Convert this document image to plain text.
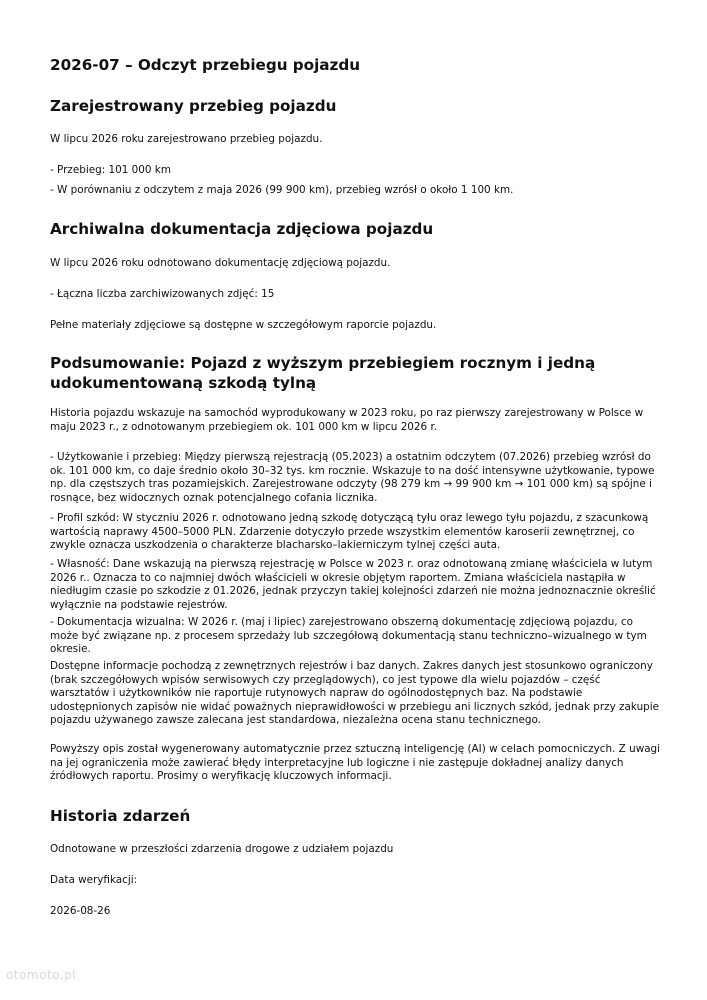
2026-07 – Odczyt przebiegu pojazdu
Zarejestrowany przebieg pojazdu

W lipcu 2026 roku zarejestrowano przebieg pojazdu.

- Przebieg: 101 000 km

- W porównaniu z odczytem z maja 2026 (99 900 km), przebieg wzrósł o około 1 100 km.

Archiwalna dokumentacja zdjęciowa pojazdu

W lipcu 2026 roku odnotowano dokumentację zdjęciową pojazdu.

- Łączna liczba zarchiwizowanych zdjęć: 15

Pełne materiały zdjęciowe są dostępne w szczegółowym raporcie pojazdu.

Podsumowanie: Pojazd z wyższym przebiegiem rocznym i jedną udokumentowaną szkodą tylną

Historia pojazdu wskazuje na samochód wyprodukowany w 2023 roku, po raz pierwszy zarejestrowany w Polsce w maju 2023 r., z odnotowanym przebiegiem ok. 101 000 km w lipcu 2026 r.

- Użytkowanie i przebieg: Między pierwszą rejestracją (05.2023) a ostatnim odczytem (07.2026) przebieg wzrósł do ok. 101 000 km, co daje średnio około 30–32 tys. km rocznie. Wskazuje to na dość intensywne użytkowanie, typowe np. dla częstszych tras pozamiejskich. Zarejestrowane odczyty (98 279 km → 99 900 km → 101 000 km) są spójne i rosnące, bez widocznych oznak potencjalnego cofania licznika.

- Profil szkód: W styczniu 2026 r. odnotowano jedną szkodę dotyczącą tyłu oraz lewego tyłu pojazdu, z szacunkową wartością naprawy 4500–5000 PLN. Zdarzenie dotyczyło przede wszystkim elementów karoserii zewnętrznej, co zwykle oznacza uszkodzenia o charakterze blacharsko–lakierniczym tylnej części auta.

- Własność: Dane wskazują na pierwszą rejestrację w Polsce w 2023 r. oraz odnotowaną zmianę właściciela w lutym 2026 r.. Oznacza to co najmniej dwóch właścicieli w okresie objętym raportem. Zmiana właściciela nastąpiła w niedługim czasie po szkodzie z 01.2026, jednak przyczyn takiej kolejności zdarzeń nie można jednoznacznie określić wyłącznie na podstawie rejestrów.

- Dokumentacja wizualna: W 2026 r. (maj i lipiec) zarejestrowano obszerną dokumentację zdjęciową pojazdu, co może być związane np. z procesem sprzedaży lub szczegółową dokumentacją stanu techniczno–wizualnego w tym okresie.

Dostępne informacje pochodzą z zewnętrznych rejestrów i baz danych. Zakres danych jest stosunkowo ograniczony (brak szczegółowych wpisów serwisowych czy przeglądowych), co jest typowe dla wielu pojazdów – część warsztatów i użytkowników nie raportuje rutynowych napraw do ogólnodostępnych baz. Na podstawie udostępnionych zapisów nie widać poważnych nieprawidłowości w przebiegu ani licznych szkód, jednak przy zakupie pojazdu używanego zawsze zalecana jest standardowa, niezależna ocena stanu technicznego.

Powyższy opis został wygenerowany automatycznie przez sztuczną inteligencję (AI) w celach pomocniczych. Z uwagi na jej ograniczenia może zawierać błędy interpretacyjne lub logiczne i nie zastępuje dokładnej analizy danych źródłowych raportu. Prosimy o weryfikację kluczowych informacji.

Historia zdarzeń

Odnotowane w przeszłości zdarzenia drogowe z udziałem pojazdu

Data weryfikacji:

2026-08-26

otomoto.pl
